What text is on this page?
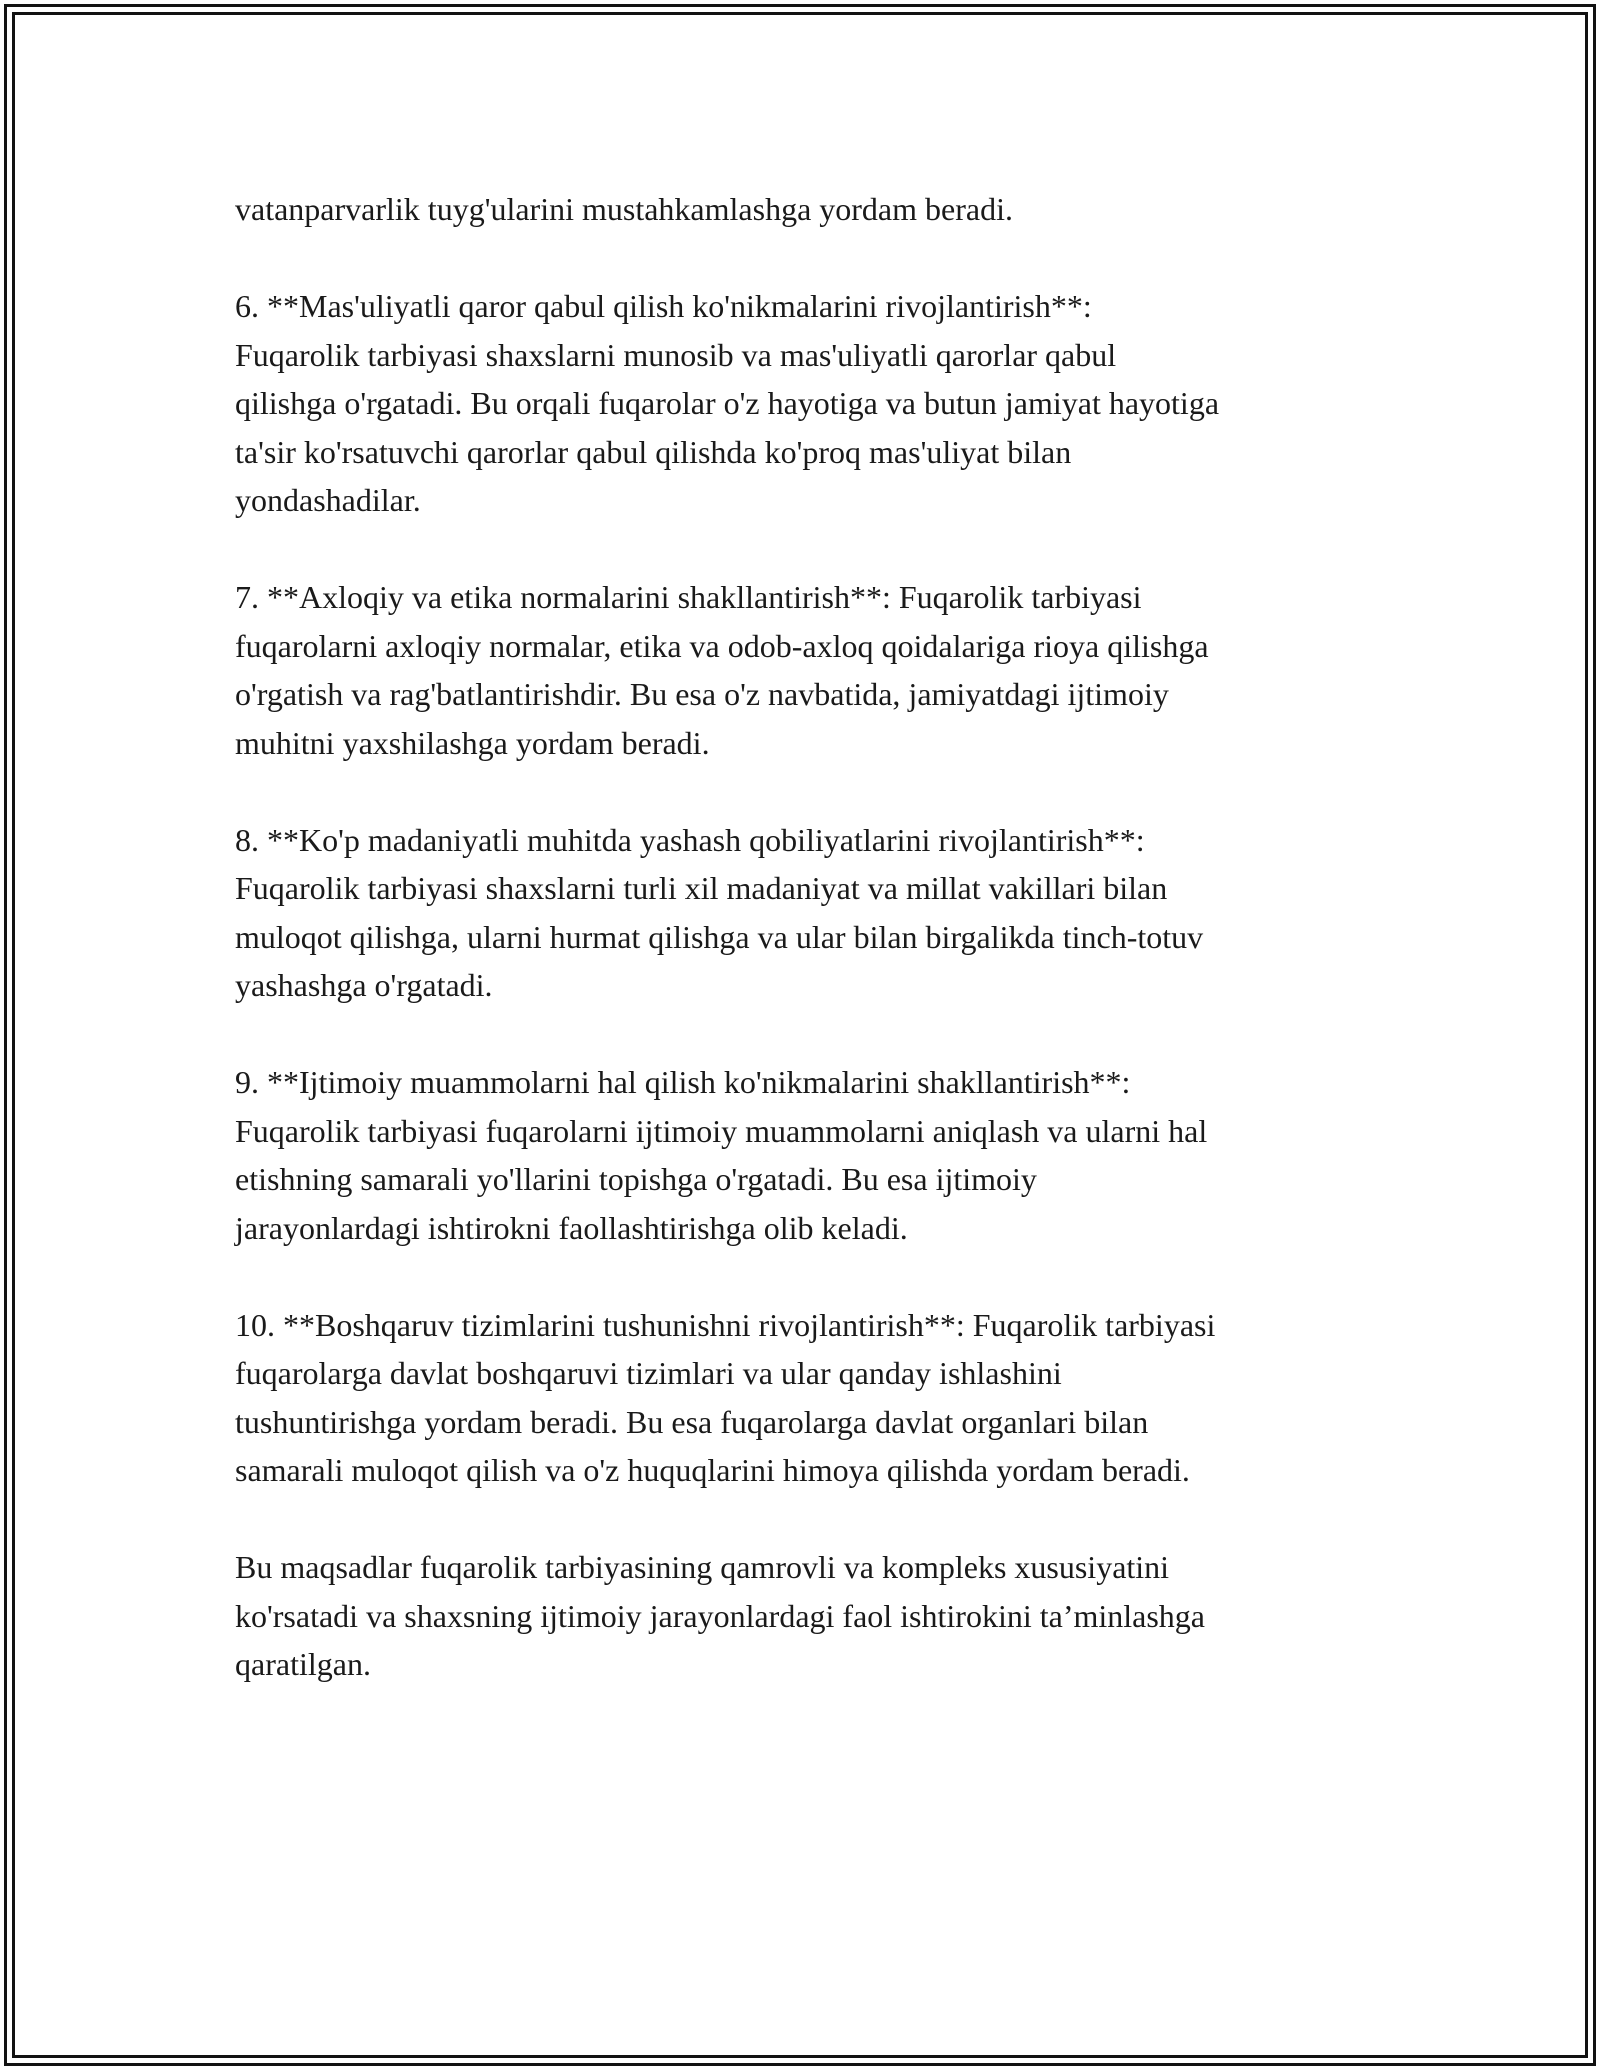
vatanparvarlik tuyg'ularini mustahkamlashga yordam beradi.

6. **Mas'uliyatli qaror qabul qilish ko'nikmalarini rivojlantirish**:
Fuqarolik tarbiyasi shaxslarni munosib va mas'uliyatli qarorlar qabul
qilishga o'rgatadi. Bu orqali fuqarolar o'z hayotiga va butun jamiyat hayotiga
ta'sir ko'rsatuvchi qarorlar qabul qilishda ko'proq mas'uliyat bilan
yondashadilar.

7. **Axloqiy va etika normalarini shakllantirish**: Fuqarolik tarbiyasi
fuqarolarni axloqiy normalar, etika va odob-axloq qoidalariga rioya qilishga
o'rgatish va rag'batlantirishdir. Bu esa o'z navbatida, jamiyatdagi ijtimoiy
muhitni yaxshilashga yordam beradi.

8. **Ko'p madaniyatli muhitda yashash qobiliyatlarini rivojlantirish**:
Fuqarolik tarbiyasi shaxslarni turli xil madaniyat va millat vakillari bilan
muloqot qilishga, ularni hurmat qilishga va ular bilan birgalikda tinch-totuv
yashashga o'rgatadi.

9. **Ijtimoiy muammolarni hal qilish ko'nikmalarini shakllantirish**:
Fuqarolik tarbiyasi fuqarolarni ijtimoiy muammolarni aniqlash va ularni hal
etishning samarali yo'llarini topishga o'rgatadi. Bu esa ijtimoiy
jarayonlardagi ishtirokni faollashtirishga olib keladi.

10. **Boshqaruv tizimlarini tushunishni rivojlantirish**: Fuqarolik tarbiyasi
fuqarolarga davlat boshqaruvi tizimlari va ular qanday ishlashini
tushuntirishga yordam beradi. Bu esa fuqarolarga davlat organlari bilan
samarali muloqot qilish va o'z huquqlarini himoya qilishda yordam beradi.

Bu maqsadlar fuqarolik tarbiyasining qamrovli va kompleks xususiyatini
ko'rsatadi va shaxsning ijtimoiy jarayonlardagi faol ishtirokini ta’minlashga
qaratilgan.
